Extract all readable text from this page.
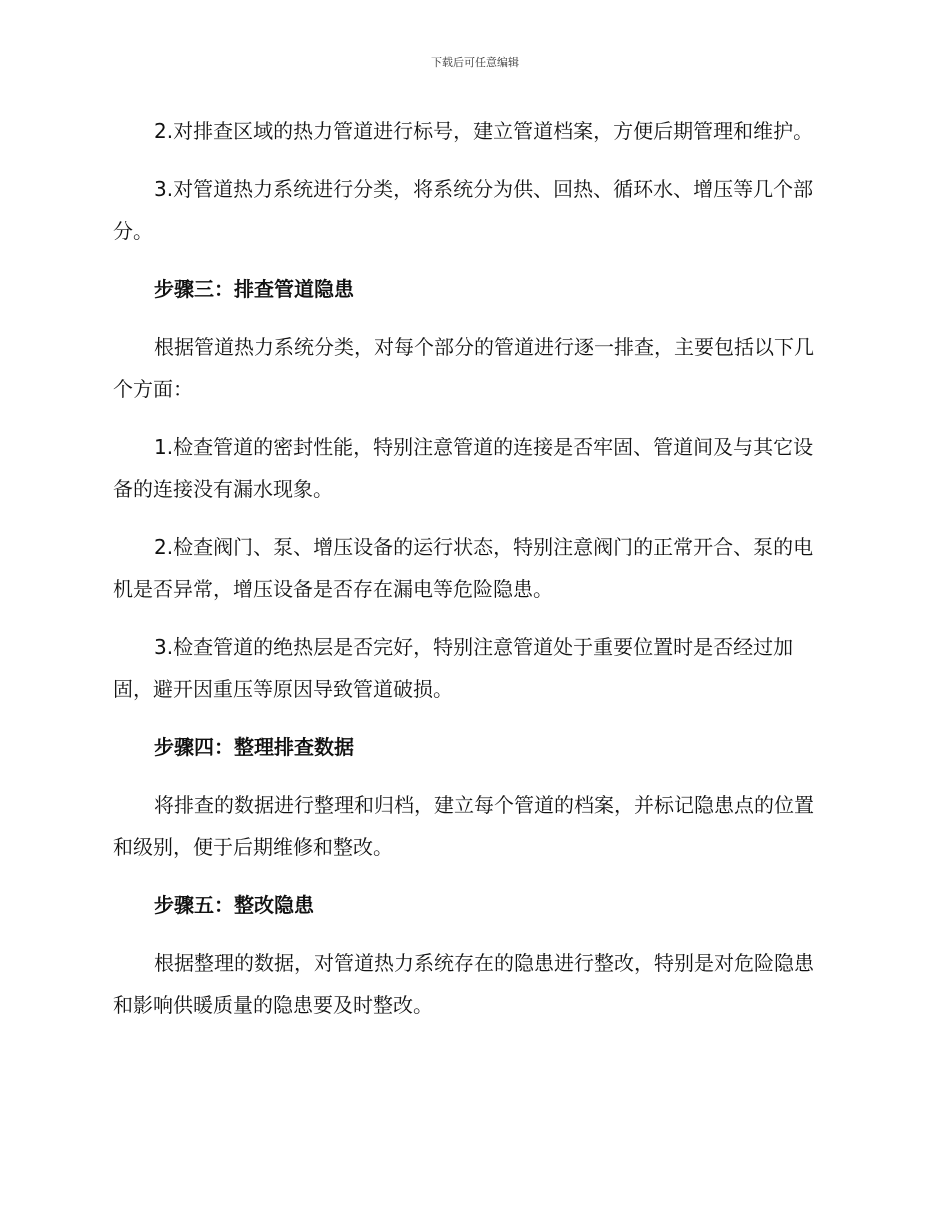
下载后可任意编辑

2.对排查区域的热力管道进行标号，建立管道档案，方便后期管理和维护。

3.对管道热力系统进行分类，将系统分为供、回热、循环水、增压等几个部分。

步骤三：排查管道隐患

根据管道热力系统分类，对每个部分的管道进行逐一排查，主要包括以下几个方面：

1.检查管道的密封性能，特别注意管道的连接是否牢固、管道间及与其它设备的连接没有漏水现象。

2.检查阀门、泵、增压设备的运行状态，特别注意阀门的正常开合、泵的电机是否异常，增压设备是否存在漏电等危险隐患。

3.检查管道的绝热层是否完好，特别注意管道处于重要位置时是否经过加固，避开因重压等原因导致管道破损。

步骤四：整理排查数据

将排查的数据进行整理和归档，建立每个管道的档案，并标记隐患点的位置和级别，便于后期维修和整改。

步骤五：整改隐患

根据整理的数据，对管道热力系统存在的隐患进行整改，特别是对危险隐患和影响供暖质量的隐患要及时整改。
